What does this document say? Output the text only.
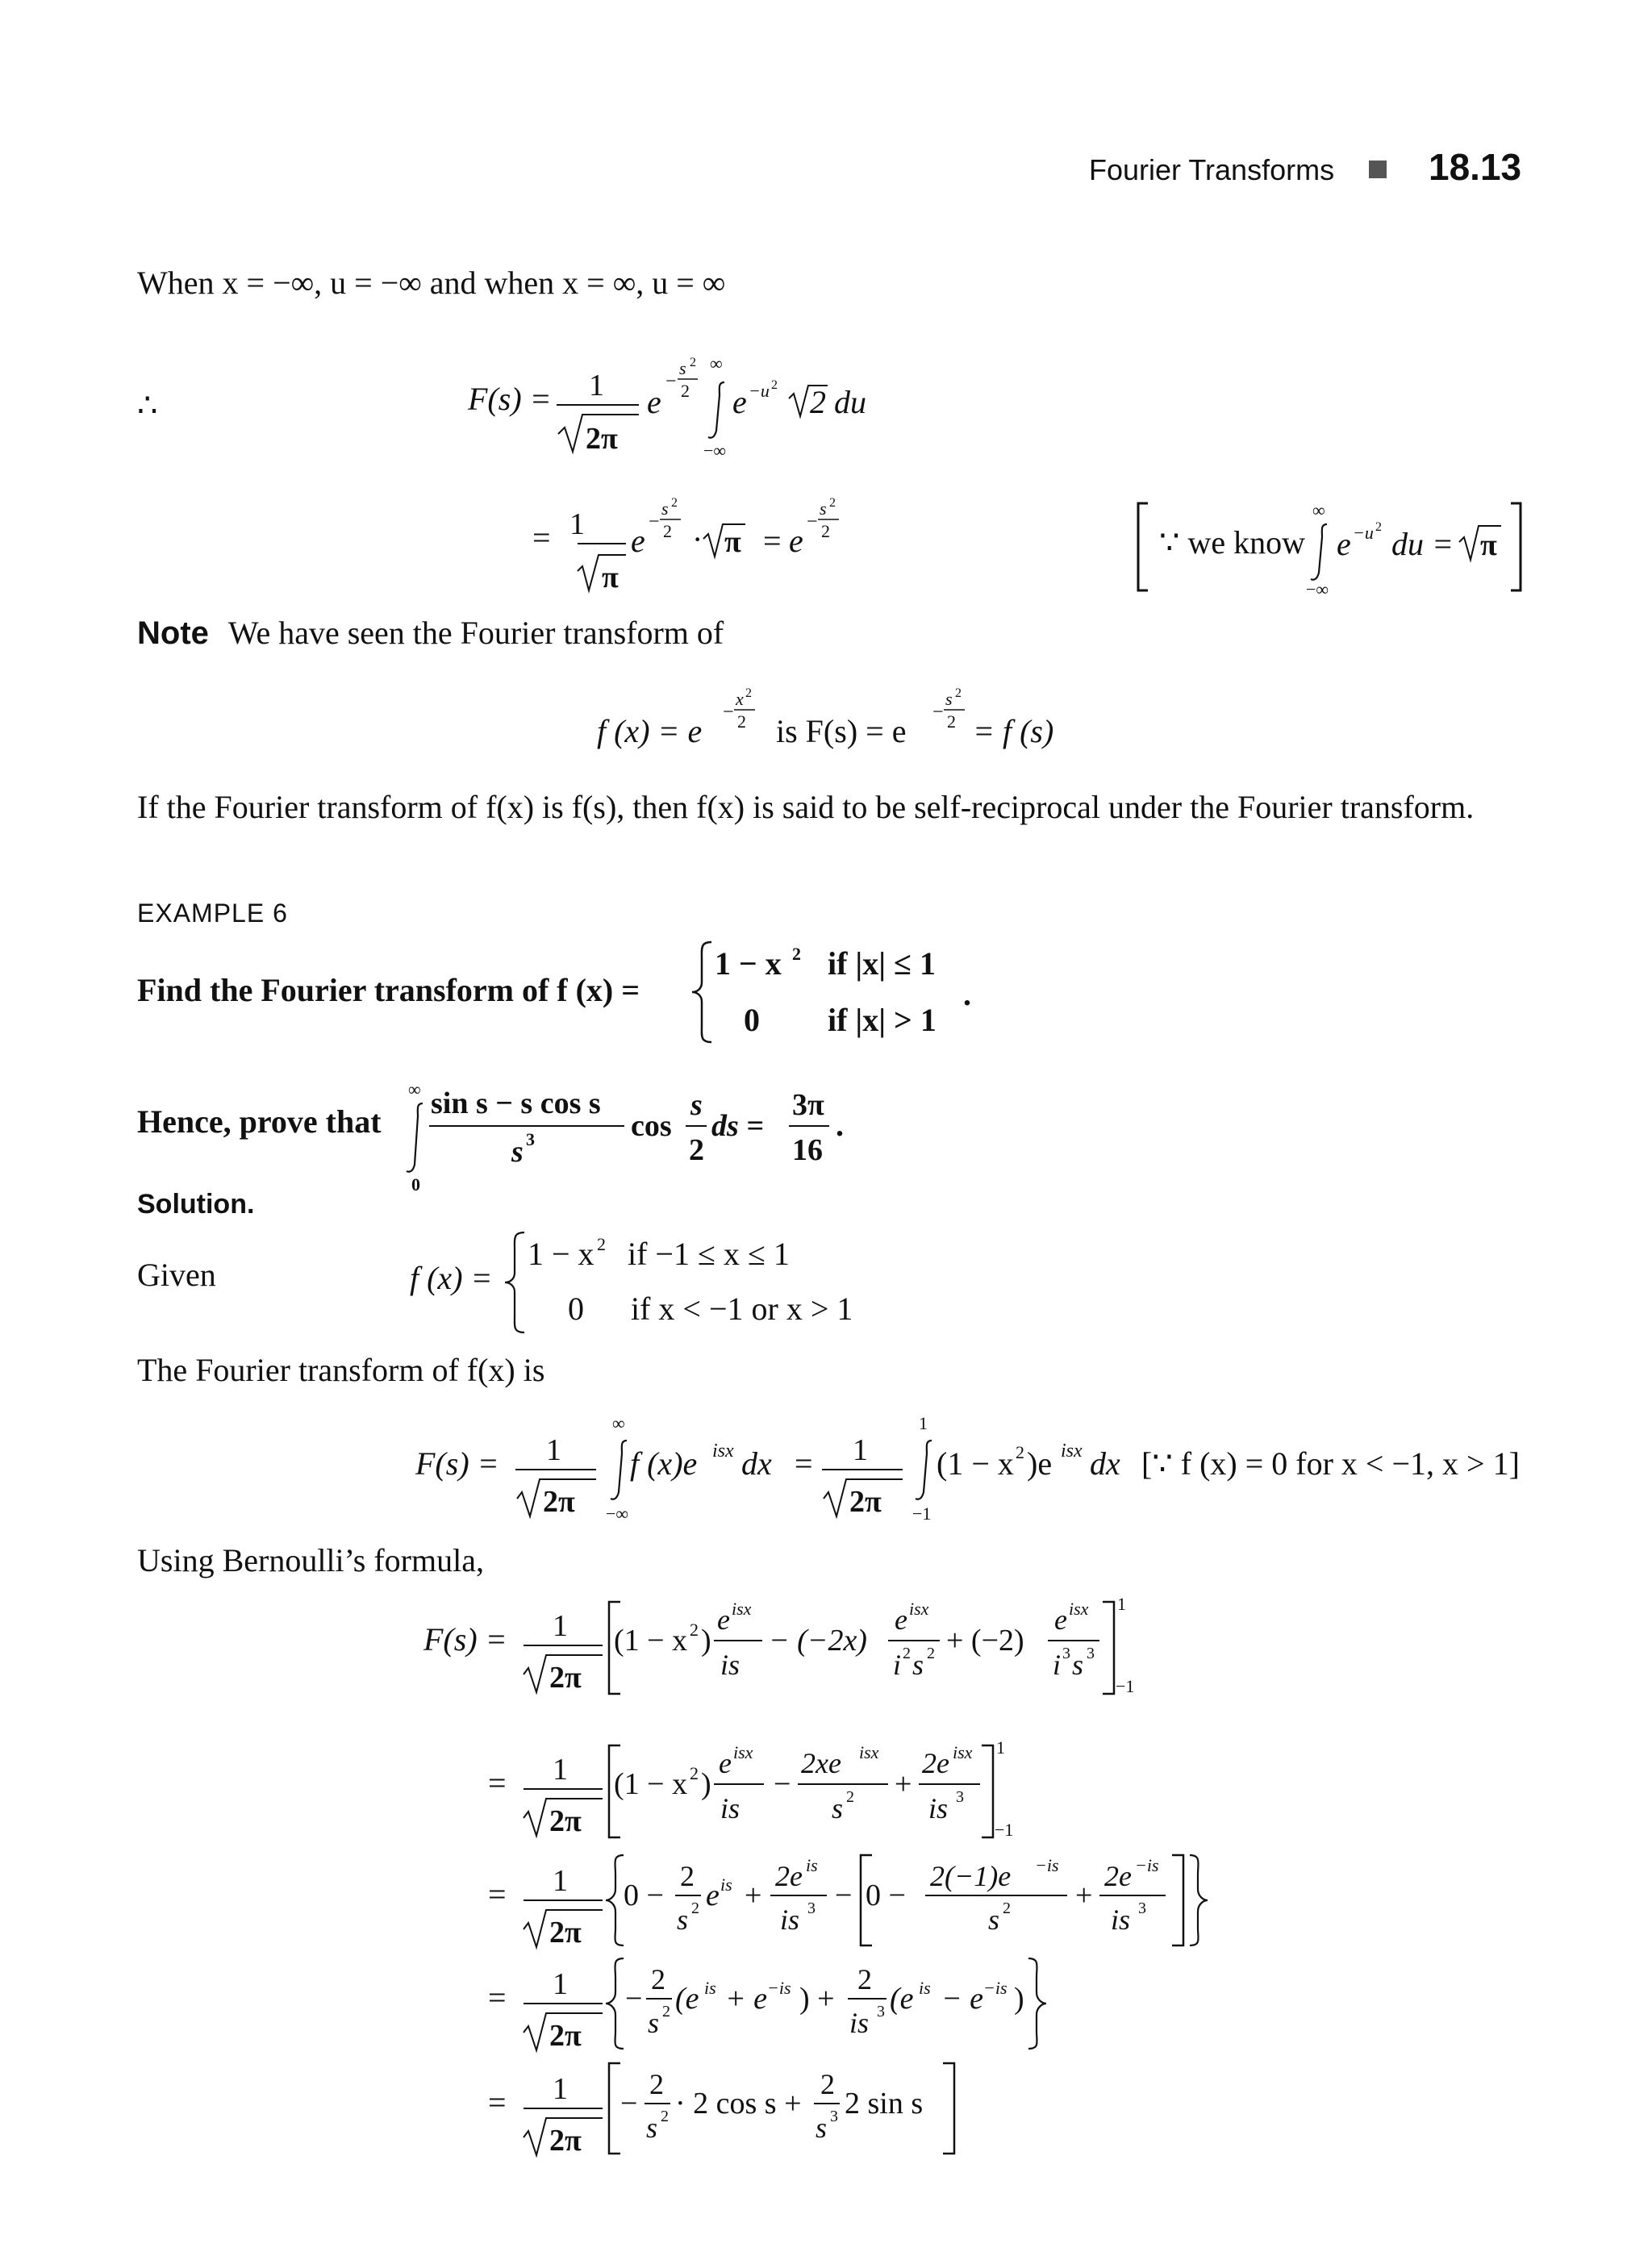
Fourier Transforms	18.13
When x = −∞, u = −∞ and when x = ∞, u = ∞
∴	F(s) = 1
2π
e
−
s 2
2
∞
−∞
e −u 2 2 du
= 1
π
e
−
s 2
2 · π = e
−
s 2
2	∵ we know
∞
−∞
e −u 2 du = π
Note We have seen the Fourier transform of
f (x) = e
−
x 2
2 is F(s) = e
−
s 2
2 = f (s)
If the Fourier transform of f(x) is f(s), then f(x) is said to be self-reciprocal under the Fourier transform.
EXAMPLE 6
Find the Fourier transform of f (x) =
1 − x 2 if |x| ≤ 1
0 if |x| > 1
.
Hence, prove that
∞
0
sin s − s cos s
s 3	cos
s
2
ds =
3π
16
.
Solution.
Given	f (x) =
1 − x 2 if −1 ≤ x ≤ 1
0 if x < −1 or x > 1
The Fourier transform of f(x) is
F(s) = 1
2π
∞
−∞
f (x)e isx dx = 1
2π
1
−1
(1 − x 2 )e isx dx [∵ f (x) = 0 for x < −1, x > 1]
Using Bernoulli’s formula,
F(s) = 1
2π
(1 − x 2 )
e isx
is
− (−2x)
e isx
i 2 s 2 + (−2)
e isx
i 3 s 3
1
−1
= 1
2π
(1 − x 2 )
e isx
is
−
2xe isx
s 2 +
2e isx
is 3
1
−1
= 1
2π
0 −
2
s 2 e is +
2e is
is 3 − 0 −
2(−1)e −is
s 2 +
2e −is
is 3
= 1
2π
−
2
s 2 (e is + e −is ) +
2
is 3 (e is − e −is )
= 1
2π
−
2
s 2 · 2 cos s +
2
s 3 2 sin s
